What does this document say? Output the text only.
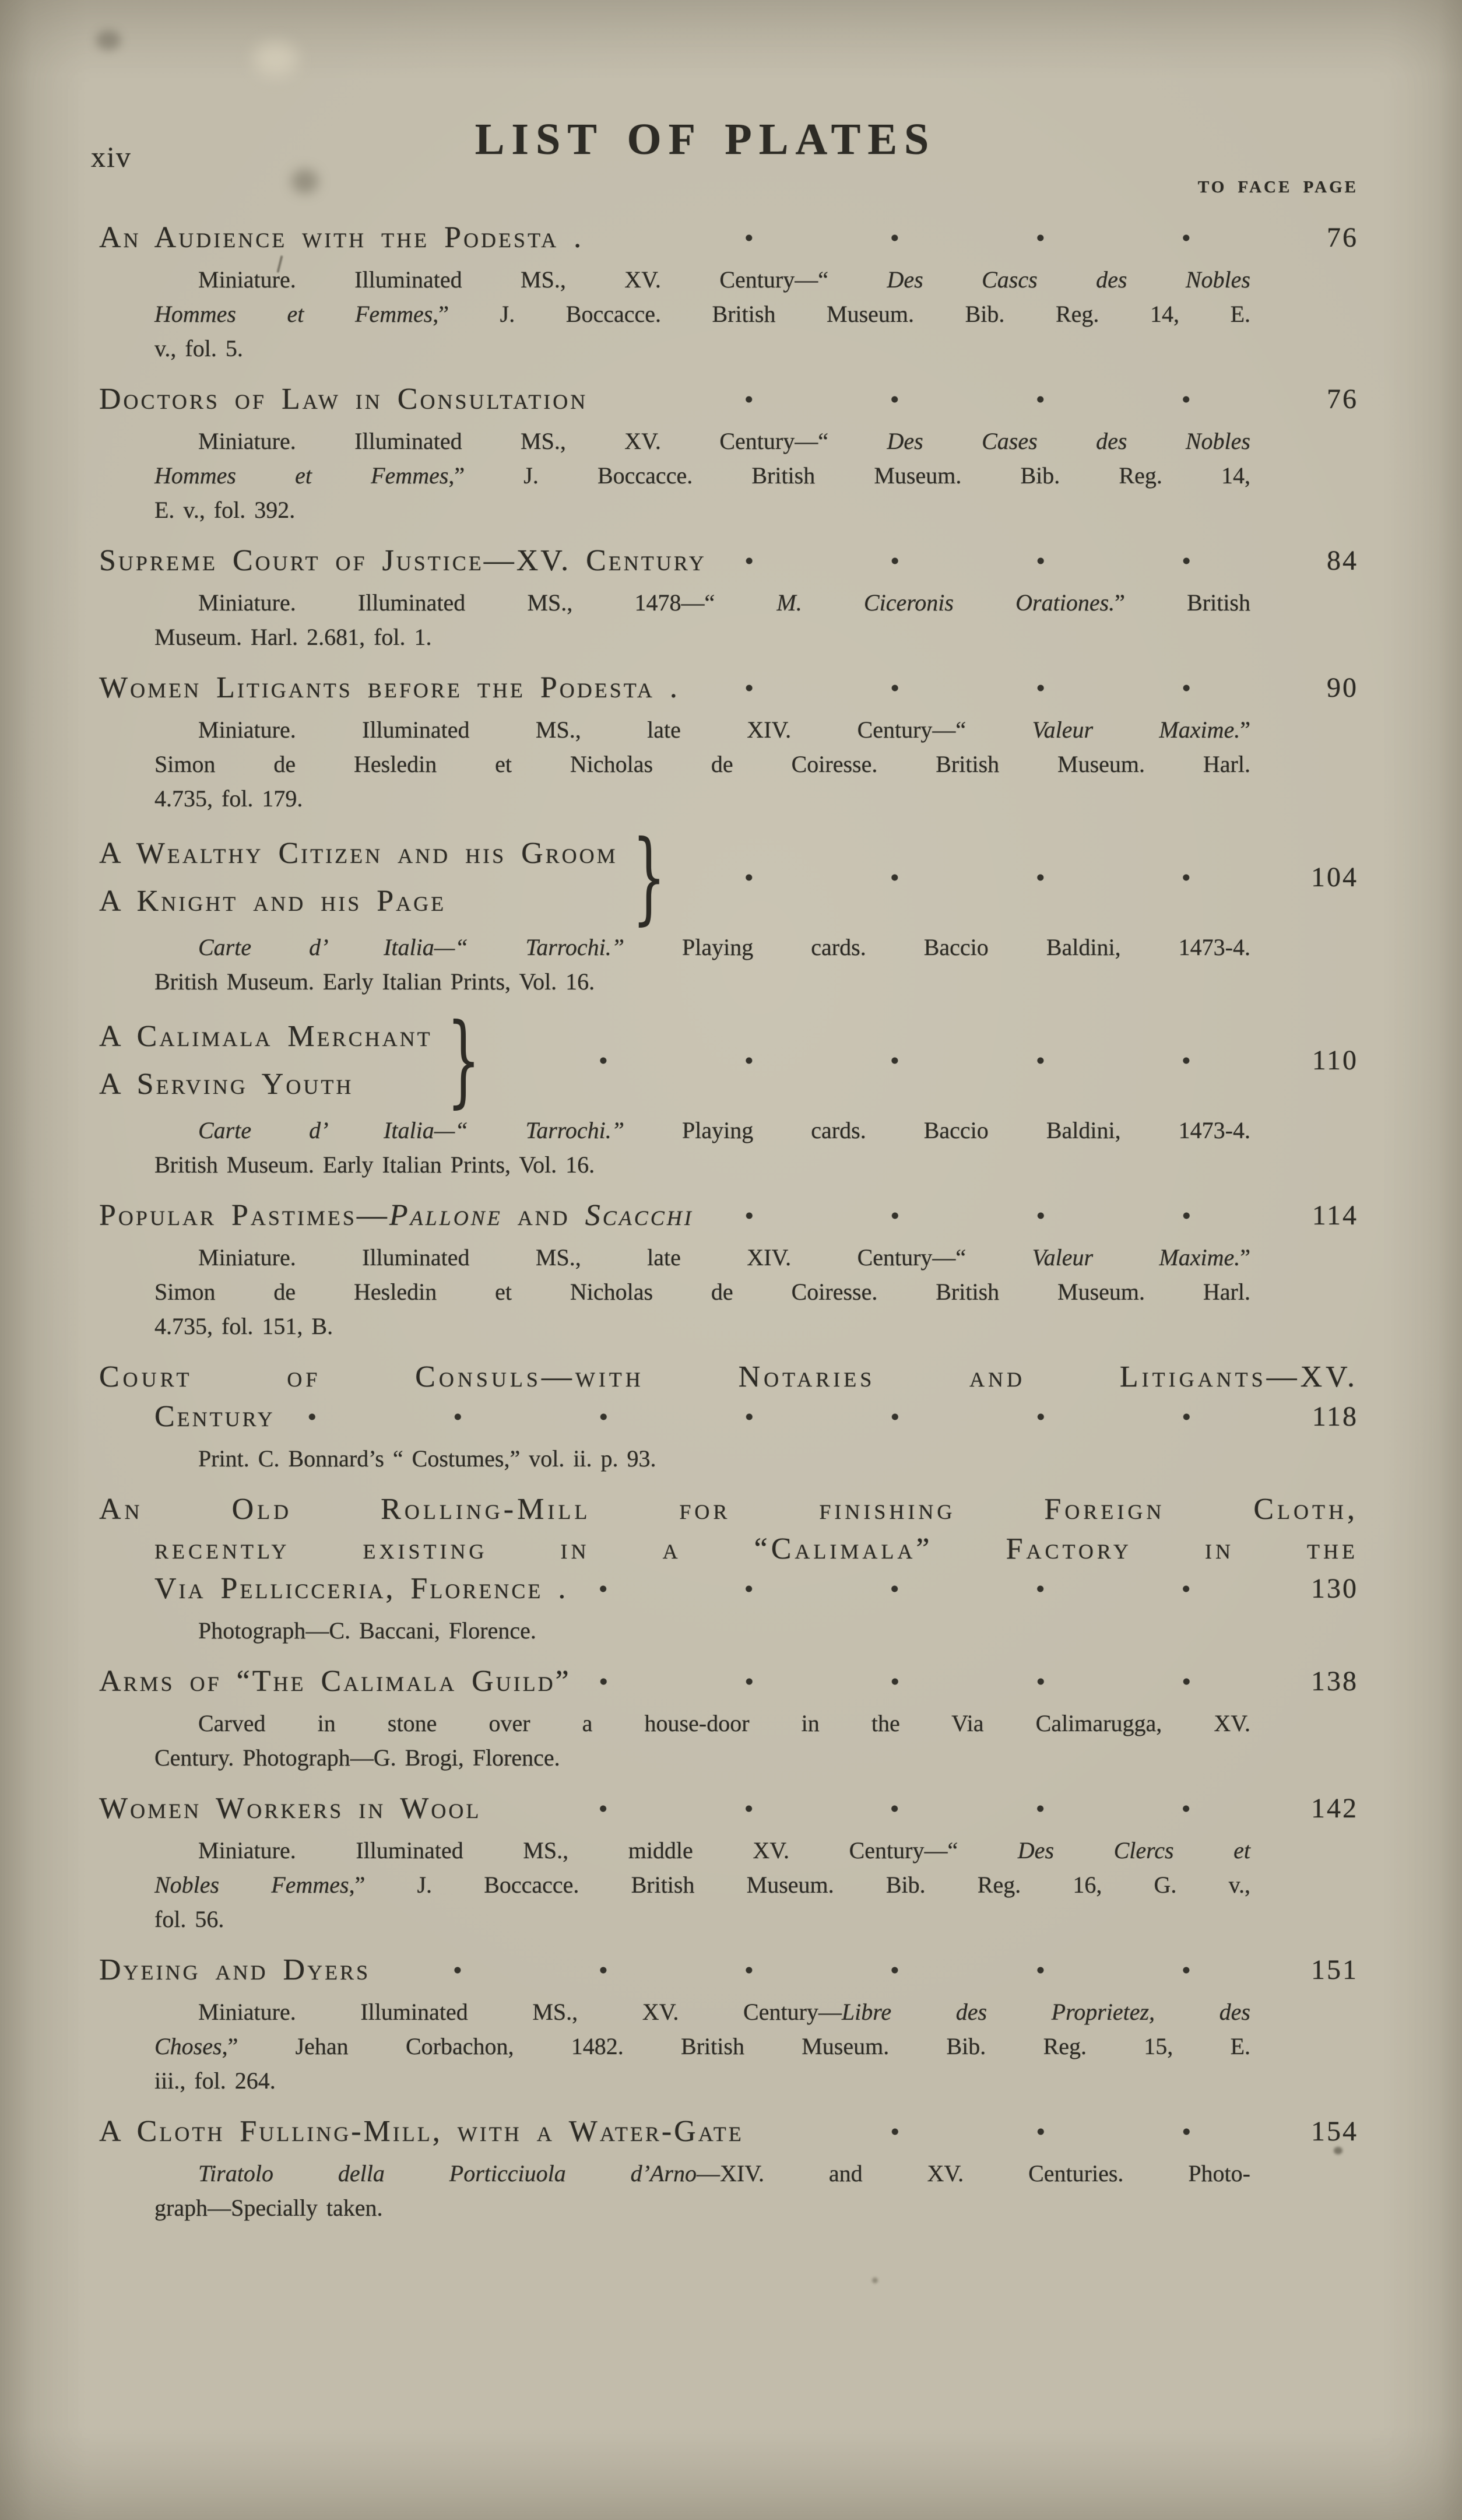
xiv	LIST OF PLATES
TO FACE PAGE
An Audience with the Podesta .	76
Miniature. Illuminated MS., XV. Century—“ Des Cascs des Nobles
Hommes et Femmes,” J. Boccacce. British Museum. Bib. Reg. 14, E.
v., fol. 5.
Doctors of Law in Consultation	76
Miniature. Illuminated MS., XV. Century—“ Des Cases des Nobles
Hommes et Femmes,” J. Boccacce. British Museum. Bib. Reg. 14,
E. v., fol. 392.
Supreme Court of Justice—XV. Century	84
Miniature. Illuminated MS., 1478—“ M. Ciceronis Orationes.” British
Museum. Harl. 2.681, fol. 1.
Women Litigants before the Podesta .	90
Miniature. Illuminated MS., late XIV. Century—“ Valeur Maxime.”
Simon de Hesledin et Nicholas de Coiresse. British Museum. Harl.
4.735, fol. 179.
A Wealthy Citizen and his Groom
A Knight and his Page	}	104
Carte d’ Italia—“ Tarrochi.” Playing cards. Baccio Baldini, 1473-4.
British Museum. Early Italian Prints, Vol. 16.
A Calimala Merchant
A Serving Youth }	110
Carte d’ Italia—“ Tarrochi.” Playing cards. Baccio Baldini, 1473-4.
British Museum. Early Italian Prints, Vol. 16.
Popular Pastimes—Pallone and Scacchi	114
Miniature. Illuminated MS., late XIV. Century—“ Valeur Maxime.”
Simon de Hesledin et Nicholas de Coiresse. British Museum. Harl.
4.735, fol. 151, B.
Court of Consuls—with Notaries and Litigants—XV.
Century	118
Print. C. Bonnard’s “ Costumes,” vol. ii. p. 93.
An Old Rolling-Mill for finishing Foreign Cloth,
recently existing in a “Calimala” Factory in the
Via Pellicceria, Florence .	130
Photograph—C. Baccani, Florence.
Arms of “The Calimala Guild”	138
Carved in stone over a house-door in the Via Calimarugga, XV.
Century. Photograph—G. Brogi, Florence.
Women Workers in Wool	142
Miniature. Illuminated MS., middle XV. Century—“ Des Clercs et
Nobles Femmes,” J. Boccacce. British Museum. Bib. Reg. 16, G. v.,
fol. 56.
Dyeing and Dyers	151
Miniature. Illuminated MS., XV. Century—Libre des Proprietez, des
Choses,” Jehan Corbachon, 1482. British Museum. Bib. Reg. 15, E.
iii., fol. 264.
A Cloth Fulling-Mill, with a Water-Gate	154
Tiratolo della Porticciuola d’Arno—XIV. and XV. Centuries. Photo-
graph—Specially taken.
